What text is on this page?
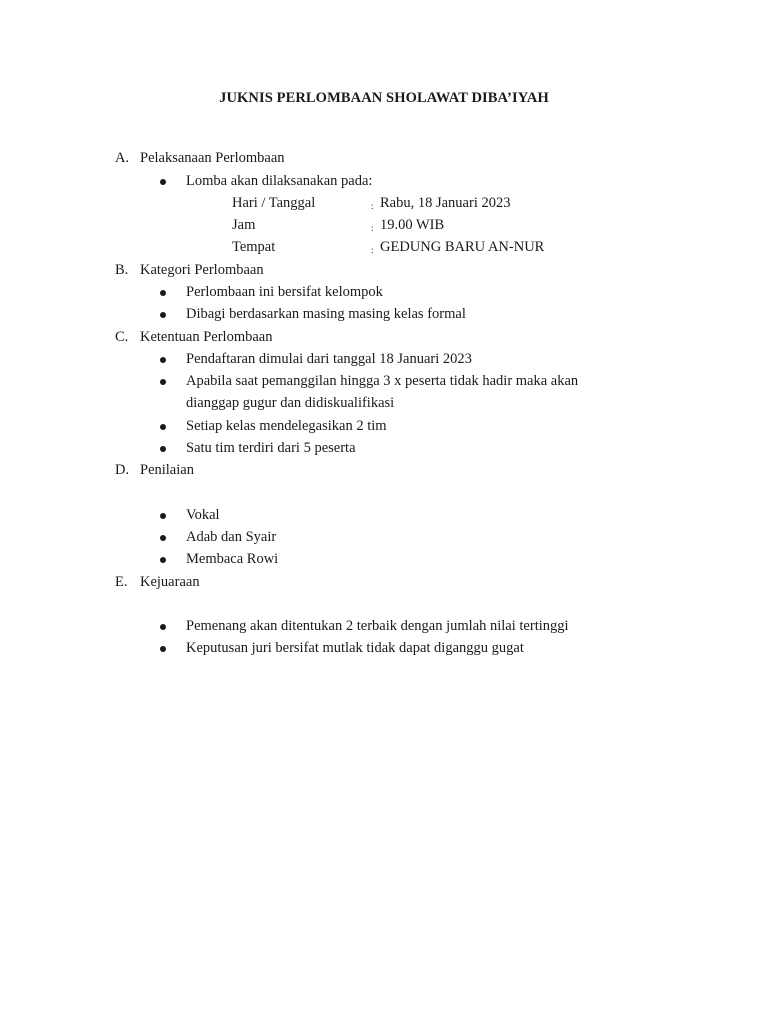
JUKNIS PERLOMBAAN SHOLAWAT DIBA’IYAH
A. Pelaksanaan Perlombaan
Lomba akan dilaksanakan pada:
Hari / Tanggal	: Rabu, 18 Januari 2023
Jam	: 19.00 WIB
Tempat	: GEDUNG BARU AN-NUR
B. Kategori Perlombaan
Perlombaan ini bersifat kelompok
Dibagi berdasarkan masing masing kelas formal
C. Ketentuan Perlombaan
Pendaftaran dimulai dari tanggal 18 Januari 2023
Apabila saat pemanggilan hingga 3 x peserta tidak hadir maka akan dianggap gugur dan didiskualifikasi
Setiap kelas mendelegasikan 2 tim
Satu tim terdiri dari 5 peserta
D. Penilaian
Vokal
Adab dan Syair
Membaca Rowi
E. Kejuaraan
Pemenang akan ditentukan 2 terbaik dengan jumlah nilai tertinggi
Keputusan juri bersifat mutlak tidak dapat diganggu gugat
